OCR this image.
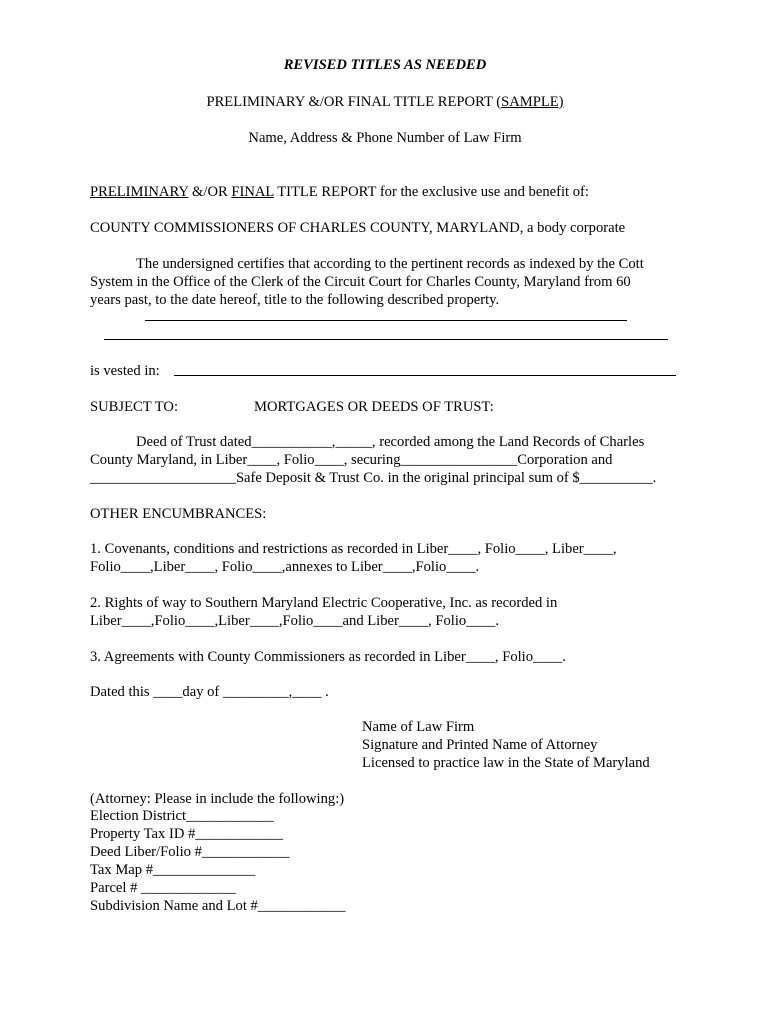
REVISED TITLES AS NEEDED
PRELIMINARY &/OR FINAL TITLE REPORT (SAMPLE)
Name, Address & Phone Number of Law Firm
PRELIMINARY &/OR FINAL TITLE REPORT for the exclusive use and benefit of:
COUNTY COMMISSIONERS OF CHARLES COUNTY, MARYLAND, a body corporate
The undersigned certifies that according to the pertinent records as indexed by the Cott System in the Office of the Clerk of the Circuit Court for Charles County, Maryland from 60 years past, to the date hereof, title to the following described property.
is vested in:
SUBJECT TO:	MORTGAGES OR DEEDS OF TRUST:
Deed of Trust dated___________,_____, recorded among the Land Records of Charles
County Maryland, in Liber____, Folio____, securing________________Corporation and
____________________Safe Deposit & Trust Co. in the original principal sum of $__________.
OTHER ENCUMBRANCES:
1. Covenants, conditions and restrictions as recorded in Liber____, Folio____, Liber____,
Folio____,Liber____, Folio____,annexes to Liber____,Folio____.
2. Rights of way to Southern Maryland Electric Cooperative, Inc. as recorded in
Liber____,Folio____,Liber____,Folio____and Liber____, Folio____.
3. Agreements with County Commissioners as recorded in Liber____, Folio____.
Dated this ____day of _________,____ .
Name of Law Firm
Signature and Printed Name of Attorney
Licensed to practice law in the State of Maryland
(Attorney: Please in include the following:)
Election District____________
Property Tax ID #____________
Deed Liber/Folio #____________
Tax Map #______________
Parcel # _____________
Subdivision Name and Lot #____________
